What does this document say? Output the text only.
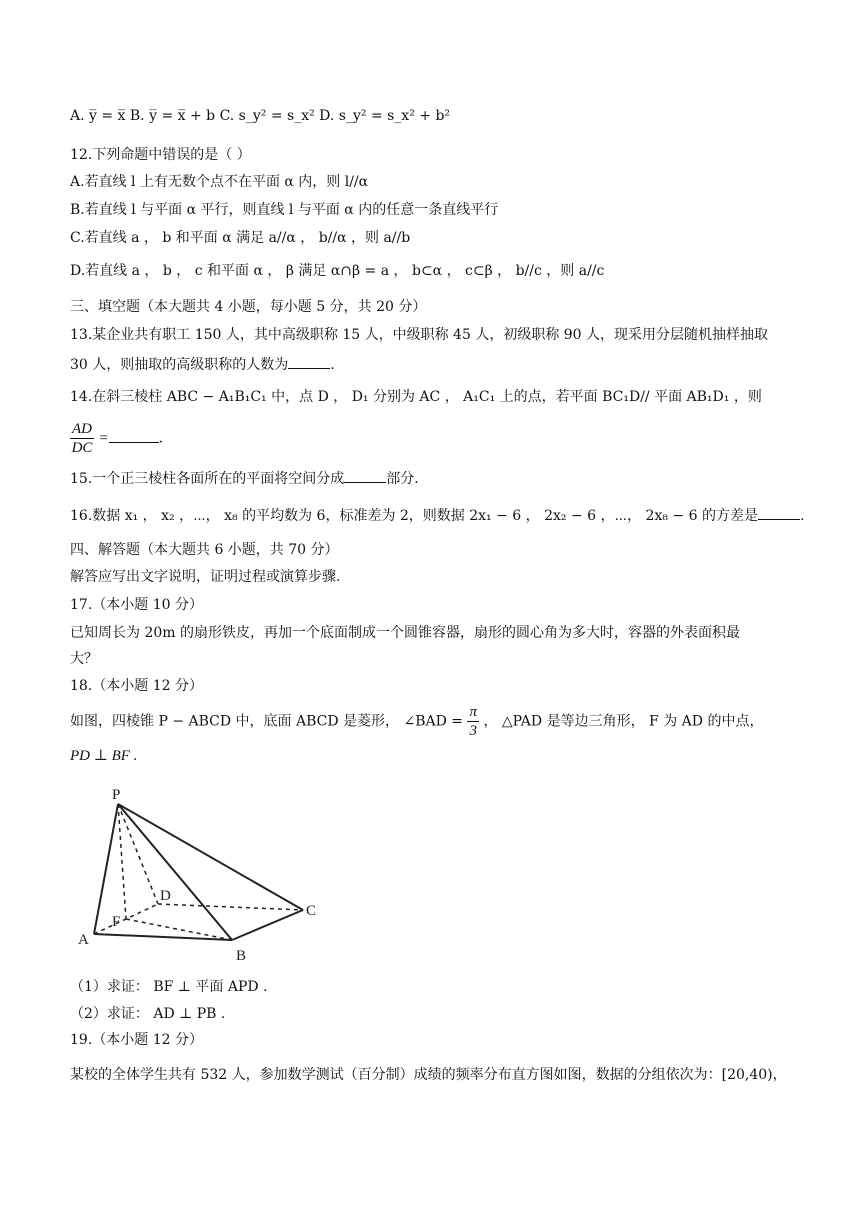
A. y̅ = x̅ B. y̅ = x̅ + b C. s_y² = s_x² D. s_y² = s_x² + b²
12.下列命题中错误的是（ ）
A.若直线 l 上有无数个点不在平面 α 内，则 l//α
B.若直线 l 与平面 α 平行，则直线 l 与平面 α 内的任意一条直线平行
C.若直线 a ， b 和平面 α 满足 a//α ， b//α ，则 a//b
D.若直线 a ， b ， c 和平面 α ， β 满足 α∩β = a ， b⊂α ， c⊂β ， b//c ，则 a//c
三、填空题（本大题共 4 小题，每小题 5 分，共 20 分）
13.某企业共有职工 150 人，其中高级职称 15 人，中级职称 45 人，初级职称 90 人，现采用分层随机抽样抽取
30 人，则抽取的高级职称的人数为	.
14.在斜三棱柱 ABC − A₁B₁C₁ 中，点 D ， D₁ 分别为 AC ， A₁C₁ 上的点，若平面 BC₁D// 平面 AB₁D₁ ，则
$\frac{AD}{DC}$ =	.
15.一个正三棱柱各面所在的平面将空间分成	部分.
16.数据 x₁ ， x₂ ，⋯， x₈ 的平均数为 6，标准差为 2，则数据 2x₁ − 6 ， 2x₂ − 6 ，⋯， 2x₈ − 6 的方差是	.
四、解答题（本大题共 6 小题，共 70 分）
解答应写出文字说明，证明过程或演算步骤.
17.（本小题 10 分）
已知周长为 20m 的扇形铁皮，再加一个底面制成一个圆锥容器，扇形的圆心角为多大时，容器的外表面积最
大？
18.（本小题 12 分）
如图，四棱锥 P − ABCD 中，底面 ABCD 是菱形， ∠BAD = $\frac{\pi}{3}$ ， △PAD 是等边三角形， F 为 AD 的中点，
PD ⊥ BF .
P
D
C
F
A
B
（1）求证： BF ⊥ 平面 APD .
（2）求证： AD ⊥ PB .
19.（本小题 12 分）
某校的全体学生共有 532 人，参加数学测试（百分制）成绩的频率分布直方图如图，数据的分组依次为：[20,40)，
